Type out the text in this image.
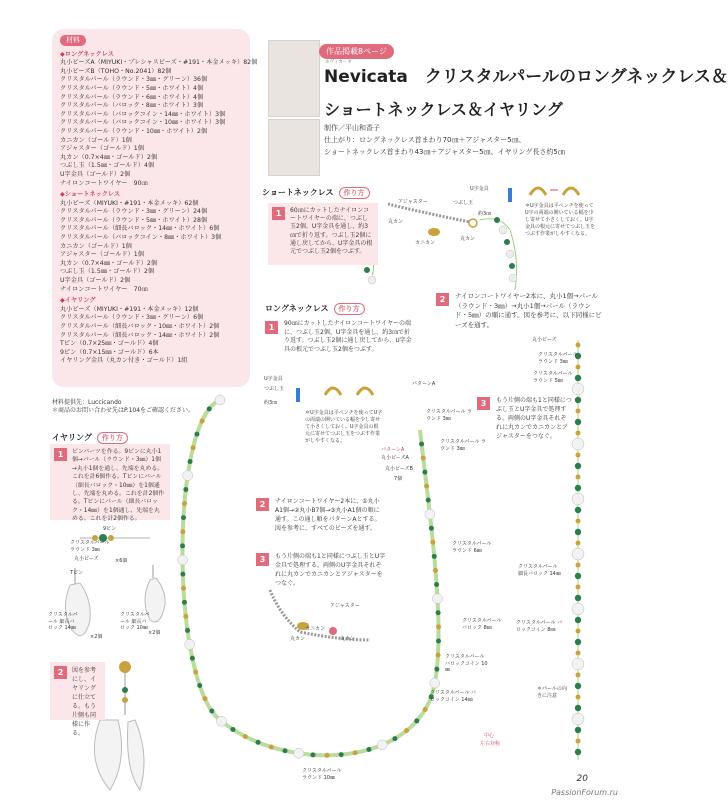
材料
◆ロングネックレス
丸小ビーズA（MIYUKI・プレシャスビーズ・#191・本金メッキ）82個
丸小ビーズB（TOHO・No.2041）82個
クリスタルパール（ラウンド・3㎜・グリーン）36個
クリスタルパール（ラウンド・5㎜・ホワイト）4個
クリスタルパール（ラウンド・6㎜・ホワイト）4個
クリスタルパール（バロック・8㎜・ホワイト）3個
クリスタルパール（バロックコイン・14㎜・ホワイト）3個
クリスタルパール（バロックコイン・10㎜・ホワイト）3個
クリスタルパール（ラウンド・10㎜・ホワイト）2個
カニカン（ゴールド）1個
アジャスター（ゴールド）1個
丸カン（0.7×4㎜・ゴールド）2個
つぶし玉（1.5㎜・ゴールド）4個
U字金具（ゴールド）2個
ナイロンコートワイヤー　90㎝
◆ショートネックレス
丸小ビーズ（MIYUKI・#191・本金メッキ）62個
クリスタルパール（ラウンド・3㎜・グリーン）24個
クリスタルパール（ラウンド・5㎜・ホワイト）28個
クリスタルパール（細長バロック・14㎜・ホワイト）6個
クリスタルパール（バロックコイン・8㎜・ホワイト）3個
カニカン（ゴールド）1個
アジャスター（ゴールド）1個
丸カン（0.7×4㎜・ゴールド）2個
つぶし玉（1.5㎜・ゴールド）2個
U字金具（ゴールド）2個
ナイロンコートワイヤー　70㎝
◆イヤリング
丸小ビーズ（MIYUKI・#191・本金メッキ）12個
クリスタルパール（ラウンド・3㎜・グリーン）6個
クリスタルパール（細長バロック・10㎜・ホワイト）2個
クリスタルパール（細長バロック・14㎜・ホワイト）2個
Tピン（0.7×25㎜・ゴールド）4個
9ピン（0.7×15㎜・ゴールド）6本
イヤリング金具（丸カン付き・ゴールド）1組
材料提供先：Luccicando
＊商品のお問い合わせ先はP.104をご確認ください。
作品掲載8ページ
ネヴィカータ
Nevicata　クリスタルパールのロングネックレス＆
ショートネックレス＆イヤリング
制作／平山和香子
仕上がり：ロングネックレス首まわり70㎝＋アジャスター5㎝、
ショートネックレス首まわり43㎝＋アジャスター5㎝、イヤリング長さ約5㎝
ショートネックレス 作り方
1	60㎝にカットしたナイロンコートワイヤーの端に、つぶし玉2個、U字金具を通し、約3㎝で折り返す。つぶし玉2個に通し戻してから、U字金具の根元でつぶし玉2個をつぶす。
アジャスター	つぶし玉
U字金具
約3㎝
丸カン
カニカン
丸カン
＊U字金具は平ペンチを使ってU字の両端の開いている幅を少し寄せて小さくしておく。U字金具の根元に寄せてつぶし玉をつぶす作業がしやすくなる。
2	ナイロンコートワイヤー2本に、丸小1個→パール（ラウンド・3㎜）→丸小1個→パール（ラウンド・5㎜）の順に通す。図を参考に、以下同様にビーズを通す。
ロングネックレス 作り方
1	90㎝にカットしたナイロンコートワイヤーの端に、つぶし玉2個、U字金具を通し、約3㎝で折り返す。つぶし玉2個に通し戻してから、U字金具の根元でつぶし玉2個をつぶす。
U字金具
つぶし玉
約3㎝
＊U字金具は平ペンチを使ってU字の両端の開いている幅を少し寄せて小さくしておく。U字金具の根元に寄せてつぶし玉をつぶす作業がしやすくなる。
パターンA
クリスタルパール ラウンド 3㎜
パターンA
丸小ビーズA
丸小ビーズB
7個
クリスタルパール ラウンド 3㎜
2	ナイロンコートワイヤー2本に、①丸小A1個→②丸小B7個→③丸小A1個の順に通す。この通し順をパターンAとする。図を参考に、すべてのビーズを通す。
3	もう片側の端も1と同様につぶし玉とU字金具で処理する。両側のU字金具それぞれに丸カンでカニカンとアジャスターをつなぐ。
アジャスター
カニカン
丸カン	丸カン
クリスタルパール ラウンド 6㎜
クリスタルパール バロック 8㎜
クリスタルパール バロックコイン 10㎜
クリスタルパール バロックコイン 14㎜
クリスタルパール ラウンド 10㎜
丸小ビーズ
クリスタルパール ラウンド 3㎜
クリスタルパール ラウンド 5㎜
3	もう片側の端も1と同様につぶし玉とU字金具で処理する。両側のU字金具それぞれに丸カンでカニカンとアジャスターをつなぐ。
クリスタルパール 細長バロック 14㎜
クリスタルパール バロックコイン 8㎜
＊パールの向きに注意
中心
左右対称
イヤリング 作り方
1	ピンパーツを作る。9ピンに丸小1個→パール（ラウンド・3㎜）1個→丸小1個を通し、先端を丸める。これを計6個作る。Tピンにパール（細長バロック・10㎜）を1個通し、先端を丸める。これを計2個作る。Tピンにパール（細長バロック・14㎜）を1個通し、先端を丸める。これを計2個作る。
9ピン
クリスタルパール ラウンド 3㎜
丸小ビーズ	×6個
Tピン
クリスタルパール 細長バロック 14㎜
×2個
クリスタルパール 細長バロック 10㎜
×2個
2	図を参考にし、イヤリングに仕立てる。もう片側も同様に作る。
20
PassionForum.ru
